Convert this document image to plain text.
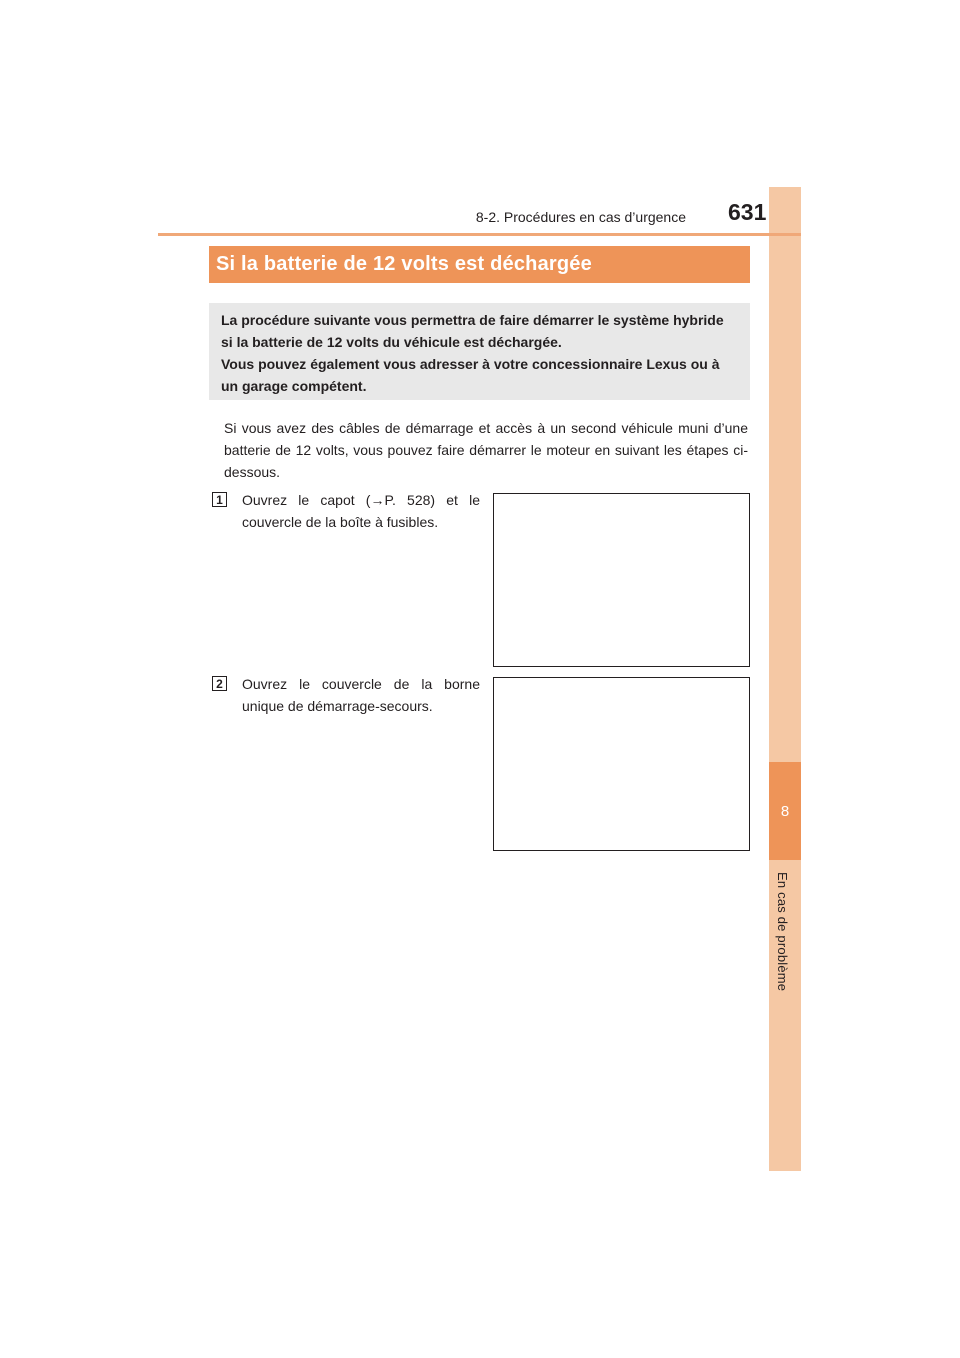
8
En cas de problème
8-2. Procédures en cas d’urgence 631
Si la batterie de 12 volts est déchargée

La procédure suivante vous permettra de faire démarrer le système hybride si la batterie de 12 volts du véhicule est déchargée.

Vous pouvez également vous adresser à votre concessionnaire Lexus ou à un garage compétent.

Si vous avez des câbles de démarrage et accès à un second véhicule muni d’une batterie de 12 volts, vous pouvez faire démarrer le moteur en suivant les étapes ci-dessous.

1 Ouvrez le capot (→P. 528) et le couvercle de la boîte à fusibles.

2 Ouvrez le couvercle de la borne unique de démarrage-secours.
